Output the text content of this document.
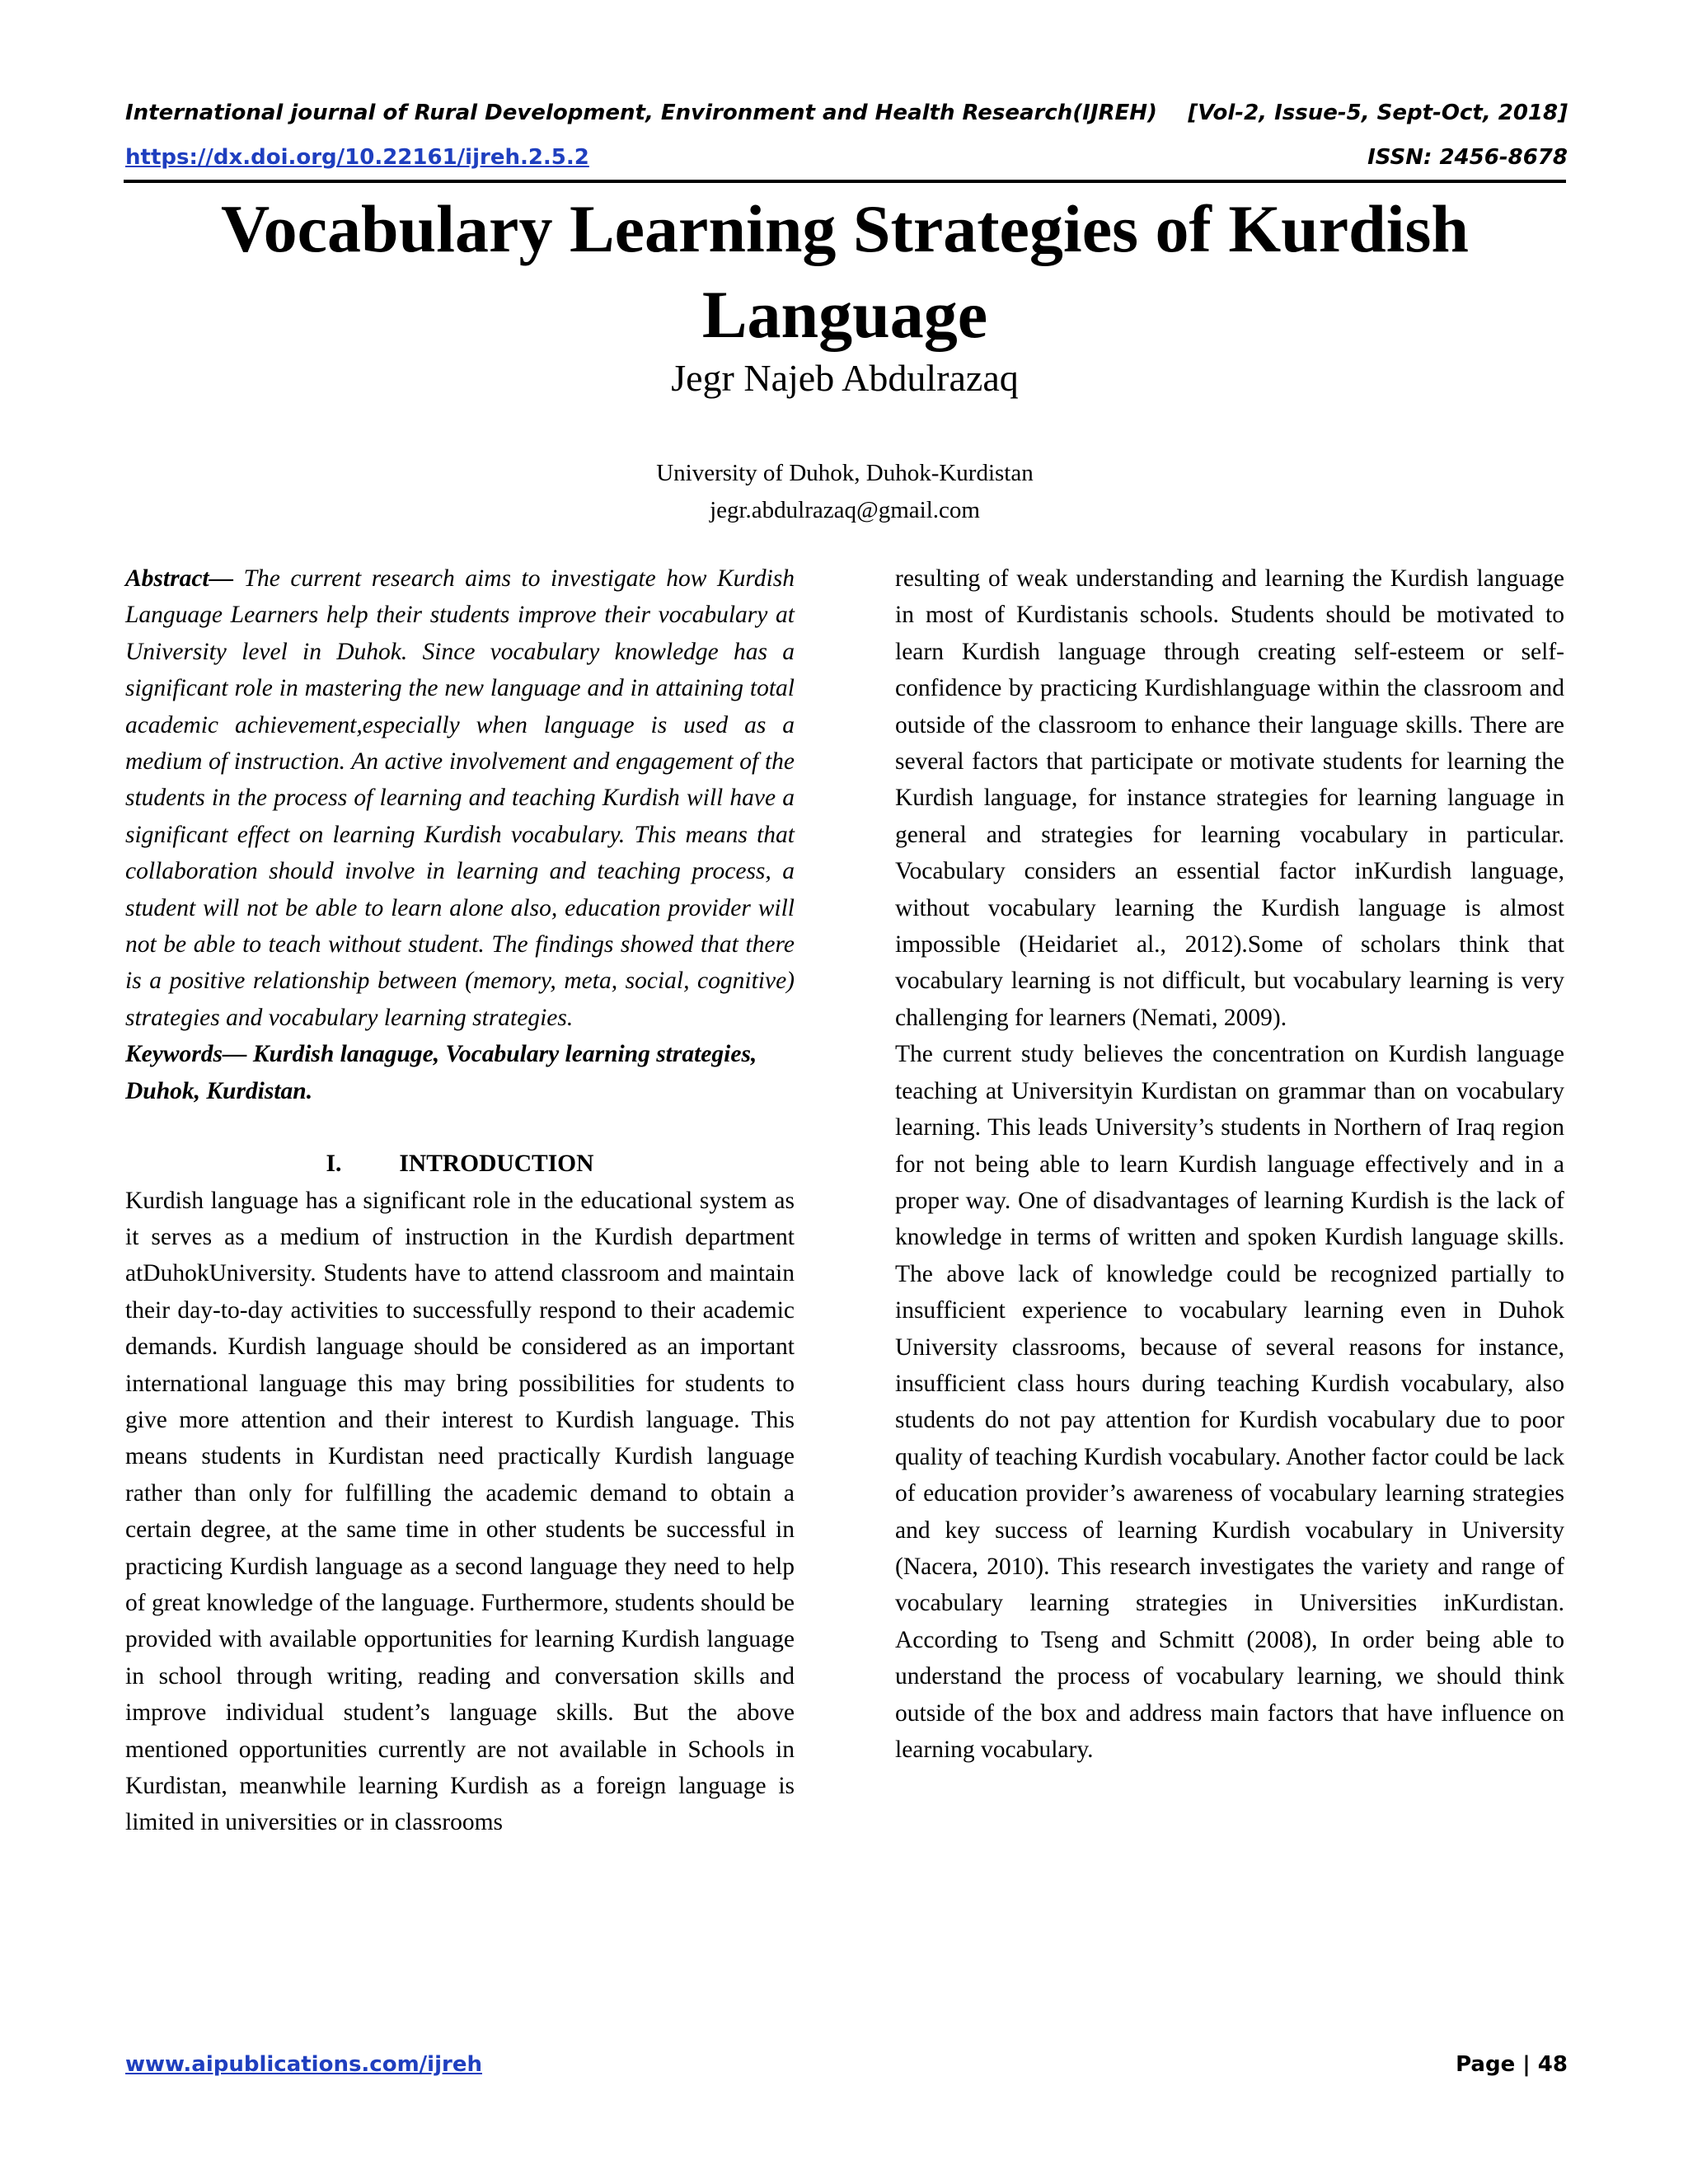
International journal of Rural Development, Environment and Health Research(IJREH) [Vol-2, Issue-5, Sept-Oct, 2018]
https://dx.doi.org/10.22161/ijreh.2.5.2	ISSN: 2456-8678
Vocabulary Learning Strategies of Kurdish
Language
Jegr Najeb Abdulrazaq
University of Duhok, Duhok-Kurdistan
jegr.abdulrazaq@gmail.com

Abstract— The current research aims to investigate how Kurdish Language Learners help their students improve their vocabulary at University level in Duhok. Since vocabulary knowledge has a significant role in mastering the new language and in attaining total academic achievement,especially when language is used as a medium of instruction. An active involvement and engagement of the students in the process of learning and teaching Kurdish will have a significant effect on learning Kurdish vocabulary. This means that collaboration should involve in learning and teaching process, a student will not be able to learn alone also, education provider will not be able to teach without student. The findings showed that there is a positive relationship between (memory, meta, social, cognitive) strategies and vocabulary learning strategies.

Keywords— Kurdish lanaguge, Vocabulary learning strategies, Duhok, Kurdistan.

I. INTRODUCTION

Kurdish language has a significant role in the educational system as it serves as a medium of instruction in the Kurdish department atDuhokUniversity. Students have to attend classroom and maintain their day-to-day activities to successfully respond to their academic demands. Kurdish language should be considered as an important international language this may bring possibilities for students to give more attention and their interest to Kurdish language. This means students in Kurdistan need practically Kurdish language rather than only for fulfilling the academic demand to obtain a certain degree, at the same time in other students be successful in practicing Kurdish language as a second language they need to help of great knowledge of the language. Furthermore, students should be provided with available opportunities for learning Kurdish language in school through writing, reading and conversation skills and improve individual student’s language skills. But the above mentioned opportunities currently are not available in Schools in Kurdistan, meanwhile learning Kurdish as a foreign language is limited in universities or in classrooms

resulting of weak understanding and learning the Kurdish language in most of Kurdistanis schools. Students should be motivated to learn Kurdish language through creating self-esteem or self-confidence by practicing Kurdishlanguage within the classroom and outside of the classroom to enhance their language skills. There are several factors that participate or motivate students for learning the Kurdish language, for instance strategies for learning language in general and strategies for learning vocabulary in particular. Vocabulary considers an essential factor inKurdish language, without vocabulary learning the Kurdish language is almost impossible (Heidariet al., 2012).Some of scholars think that vocabulary learning is not difficult, but vocabulary learning is very challenging for learners (Nemati, 2009).

The current study believes the concentration on Kurdish language teaching at Universityin Kurdistan on grammar than on vocabulary learning. This leads University’s students in Northern of Iraq region for not being able to learn Kurdish language effectively and in a proper way. One of disadvantages of learning Kurdish is the lack of knowledge in terms of written and spoken Kurdish language skills. The above lack of knowledge could be recognized partially to insufficient experience to vocabulary learning even in Duhok University classrooms, because of several reasons for instance, insufficient class hours during teaching Kurdish vocabulary, also students do not pay attention for Kurdish vocabulary due to poor quality of teaching Kurdish vocabulary. Another factor could be lack of education provider’s awareness of vocabulary learning strategies and key success of learning Kurdish vocabulary in University (Nacera, 2010). This research investigates the variety and range of vocabulary learning strategies in Universities inKurdistan. According to Tseng and Schmitt (2008), In order being able to understand the process of vocabulary learning, we should think outside of the box and address main factors that have influence on learning vocabulary.

www.aipublications.com/ijreh	Page | 48
